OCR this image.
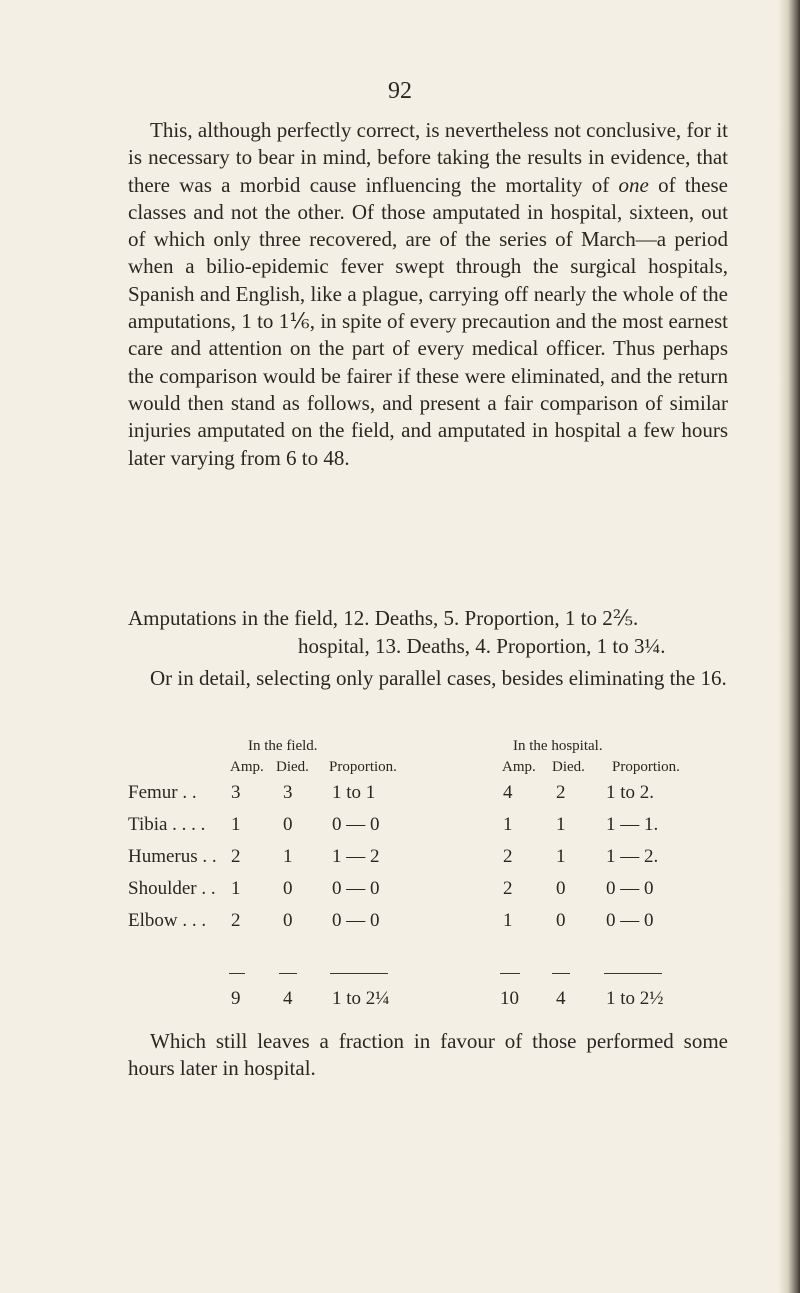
92

This, although perfectly correct, is nevertheless not conclusive, for it is necessary to bear in mind, before taking the results in evidence, that there was a morbid cause influencing the mortality of one of these classes and not the other. Of those amputated in hospital, sixteen, out of which only three recovered, are of the series of March—a period when a bilio-epidemic fever swept through the surgical hospitals, Spanish and English, like a plague, carrying off nearly the whole of the amputations, 1 to 1⅙, in spite of every precaution and the most earnest care and attention on the part of every medical officer. Thus perhaps the comparison would be fairer if these were eliminated, and the return would then stand as follows, and present a fair comparison of similar injuries amputated on the field, and amputated in hospital a few hours later varying from 6 to 48.

Amputations in the field, 12. Deaths, 5. Proportion, 1 to 2⅖.
hospital, 13. Deaths, 4. Proportion, 1 to 3¼.

Or in detail, selecting only parallel cases, besides eliminating the 16.

In the field.	In the hospital.
Amp. Died. Proportion.	Amp. Died. Proportion.
Femur . . 3 3 1 to 1	4 2 1 to 2.
Tibia . . . . 1 0 0 — 0	1 1 1 — 1.
Humerus . . 2 1 1 — 2	2 1 1 — 2.
Shoulder . . 1 0 0 — 0	2 0 0 — 0
Elbow . . . 2 0 0 — 0	1 0 0 — 0
9 4 1 to 2¼	10 4 1 to 2½

Which still leaves a fraction in favour of those performed some hours later in hospital.
